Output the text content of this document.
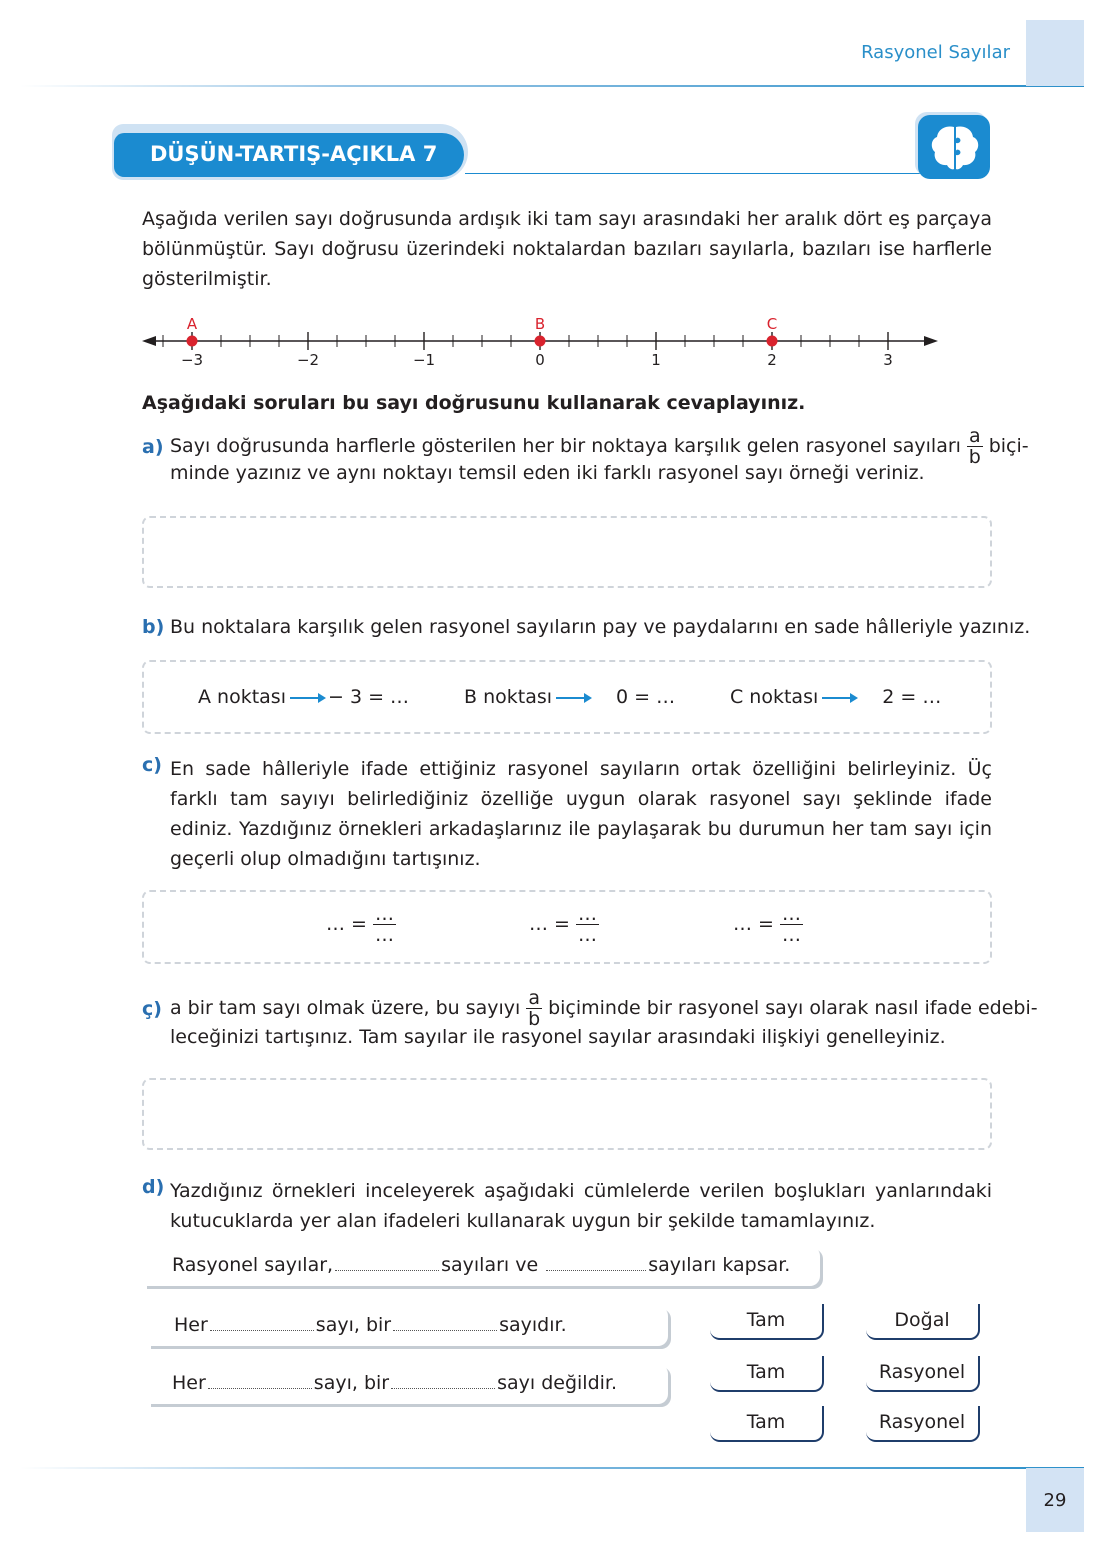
Rasyonel Sayılar
DÜŞÜN-TARTIŞ-AÇIKLA 7
Aşağıda verilen sayı doğrusunda ardışık iki tam sayı arasındaki her aralık dört eş parçaya bölünmüştür. Sayı doğrusu üzerindeki noktalardan bazıları sayılarla, bazıları ise harflerle gösterilmiştir.
−3	−2	−1	0	1	2	3
A	B	C
Aşağıdaki soruları bu sayı doğrusunu kullanarak cevaplayınız.
a) Sayı doğrusunda harflerle gösterilen her bir noktaya karşılık gelen rasyonel sayıları $\frac{a}{b}$ biçi-
minde yazınız ve aynı noktayı temsil eden iki farklı rasyonel sayı örneği veriniz.
b) Bu noktalara karşılık gelen rasyonel sayıların pay ve paydalarını en sade hâlleriyle yazınız.
A noktası − 3 = …	B noktası	0 = …	C noktası	2 = …
c) En sade hâlleriyle ifade ettiğiniz rasyonel sayıların ortak özelliğini belirleyiniz. Üç farklı tam sayıyı belirlediğiniz özelliğe uygun olarak rasyonel sayı şeklinde ifade ediniz. Yazdığınız örnekleri arkadaşlarınız ile paylaşarak bu durumun her tam sayı için geçerli olup olmadığını tartışınız.
… = $\frac{\dots}{\dots}$	… = $\frac{\dots}{\dots}$	… = $\frac{\dots}{\dots}$
ç) a bir tam sayı olmak üzere, bu sayıyı $\frac{a}{b}$ biçiminde bir rasyonel sayı olarak nasıl ifade edebi-
leceğinizi tartışınız. Tam sayılar ile rasyonel sayılar arasındaki ilişkiyi genelleyiniz.
d) Yazdığınız örnekleri inceleyerek aşağıdaki cümlelerde verilen boşlukları yanlarındaki kutucuklarda yer alan ifadeleri kullanarak uygun bir şekilde tamamlayınız.
Rasyonel sayılar,	sayıları ve	sayıları kapsar.
Her	sayı, bir	sayıdır.
Her	sayı, bir	sayı değildir.
Tam	Doğal
Tam	Rasyonel
Tam	Rasyonel
29
